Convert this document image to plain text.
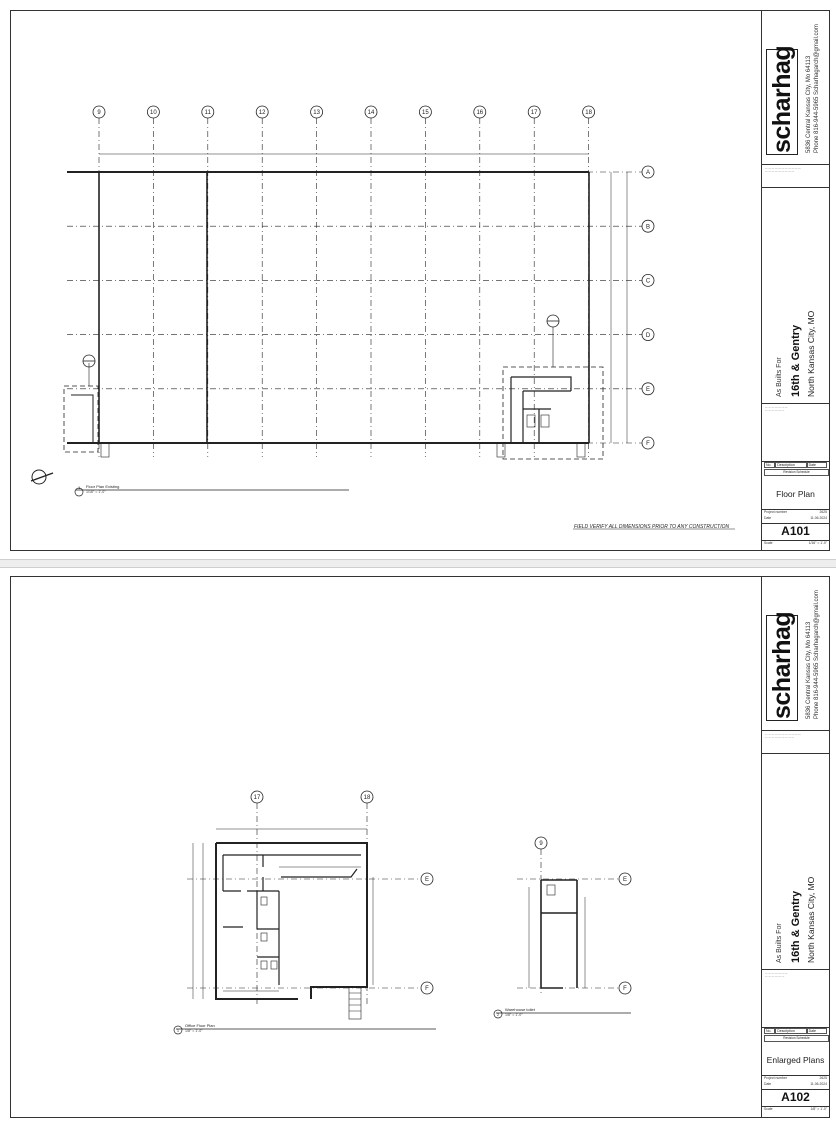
9	10	11	12	13	14	15	16	17	18
A
B
C
D
E
F
1 Floor Plan Existing
1/16" = 1'-0"
FIELD VERIFY ALL DIMENSIONS PRIOR TO ANY CONSTRUCTION
scharhag 5836 Central Kansas City, Mo 64113 Phone 816-944-5965 Scharhagarch@gmail.com
— — — — — — — — — — —
— — — — — — — — —
As Builts For 16th & Gentry North Kansas City, MO
— — — — — — —
— — — — — —
No.	Description	Date
Revision Schedule
Floor Plan
Project number	2625
Date	11.06.2024
A101
Scale	1/16" = 1'-0"
17	18
9
E	E
F	F
1
Office Floor Plan
1/8" = 1'-0"
2
Warehouse toilet
1/8" = 1'-0"
scharhag 5836 Central Kansas City, Mo 64113 Phone 816-944-5965 Scharhagarch@gmail.com
— — — — — — — — — — —
— — — — — — — — —
As Builts For 16th & Gentry North Kansas City, MO
— — — — — — —
— — — — — —
No.	Description	Date
Revision Schedule
Enlarged Plans
Project number	2625
Date	11.06.2024
A102
Scale	1/8" = 1'-0"
